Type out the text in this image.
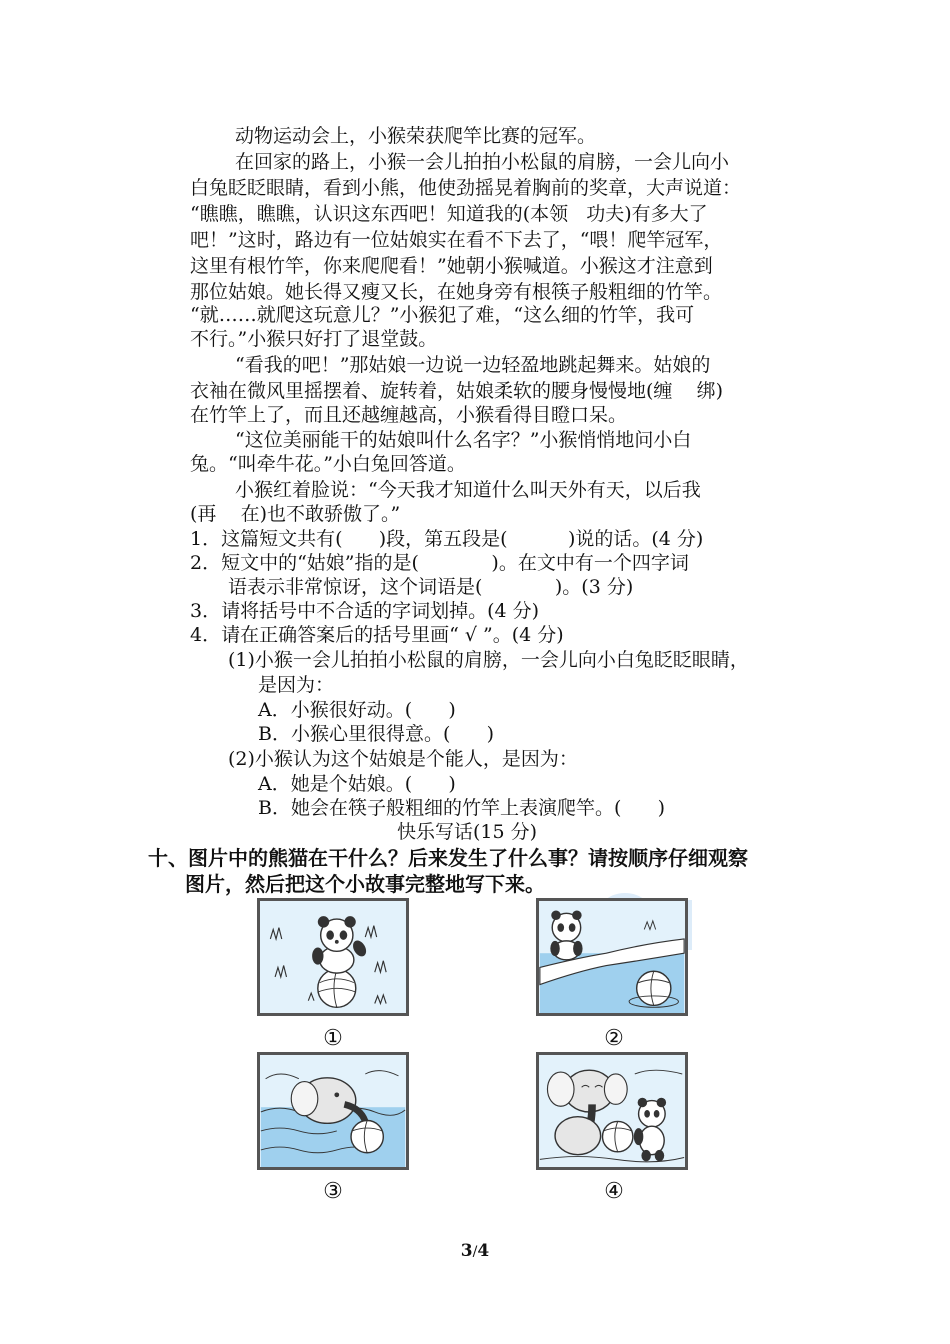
动物运动会上，小猴荣获爬竿比赛的冠军。
在回家的路上，小猴一会儿拍拍小松鼠的肩膀，一会儿向小
白兔眨眨眼睛，看到小熊，他使劲摇晃着胸前的奖章，大声说道：
“瞧瞧，瞧瞧，认识这东西吧！知道我的(本领   功夫)有多大了
吧！”这时，路边有一位姑娘实在看不下去了，“喂！爬竿冠军，
这里有根竹竿，你来爬爬看！”她朝小猴喊道。小猴这才注意到
那位姑娘。她长得又瘦又长，在她身旁有根筷子般粗细的竹竿。
“就……就爬这玩意儿？”小猴犯了难，“这么细的竹竿，我可
不行。”小猴只好打了退堂鼓。
“看我的吧！”那姑娘一边说一边轻盈地跳起舞来。姑娘的
衣袖在微风里摇摆着、旋转着，姑娘柔软的腰身慢慢地(缠    绑)
在竹竿上了，而且还越缠越高，小猴看得目瞪口呆。
“这位美丽能干的姑娘叫什么名字？”小猴悄悄地问小白
兔。“叫牵牛花。”小白兔回答道。
小猴红着脸说：“今天我才知道什么叫天外有天，以后我
(再    在)也不敢骄傲了。”
1．这篇短文共有(      )段，第五段是(          )说的话。(4 分)
2．短文中的“姑娘”指的是(            )。在文中有一个四字词
语表示非常惊讶，这个词语是(            )。(3 分)
3．请将括号中不合适的字词划掉。(4 分)
4．请在正确答案后的括号里画“ √ ”。(4 分)
(1)小猴一会儿拍拍小松鼠的肩膀，一会儿向小白兔眨眨眼睛，
是因为：
A．小猴很好动。(      )
B．小猴心里很得意。(      )
(2)小猴认为这个姑娘是个能人，是因为：
A．她是个姑娘。(      )
B．她会在筷子般粗细的竹竿上表演爬竿。(      )
快乐写话(15 分)
十、图片中的熊猫在干什么？后来发生了什么事？请按顺序仔细观察
图片，然后把这个小故事完整地写下来。
①	②
③	④
3/4
